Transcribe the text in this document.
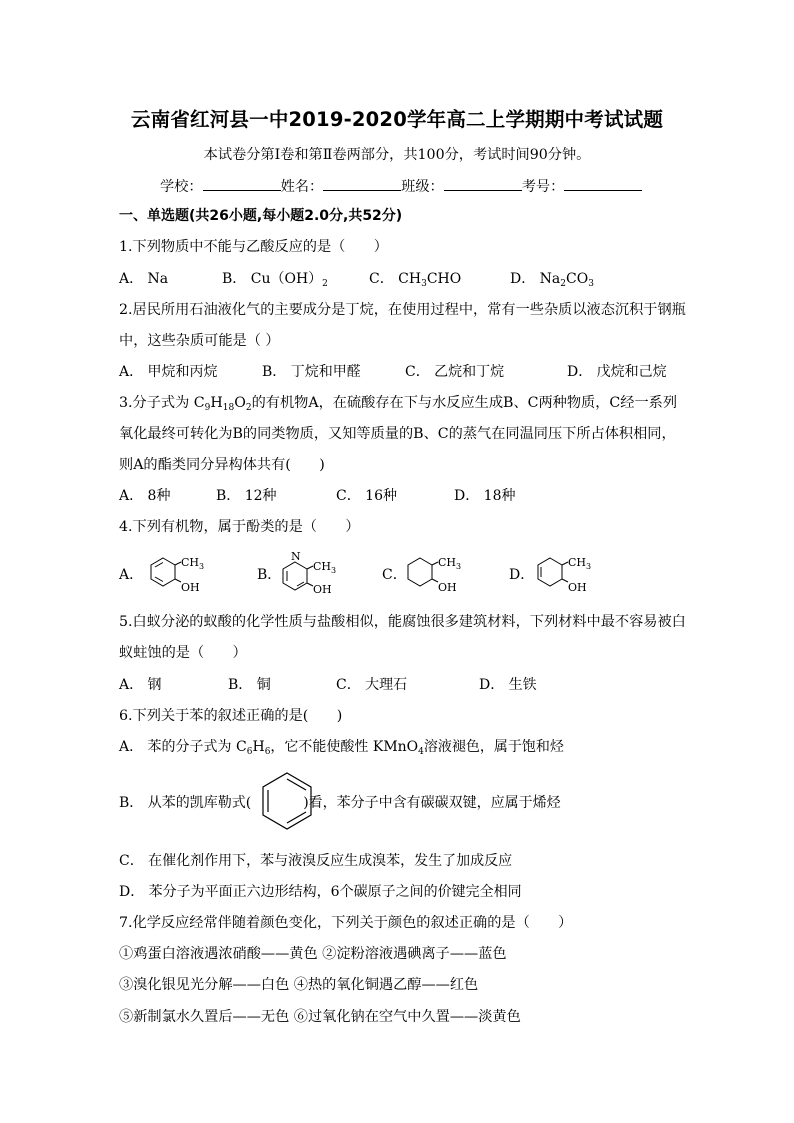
云南省红河县一中2019-2020学年高二上学期期中考试试题
本试卷分第Ⅰ卷和第Ⅱ卷两部分，共100分，考试时间90分钟。
学校：	姓名：	班级：	考号：
一、单选题(共26小题,每小题2.0分,共52分)
1.下列物质中不能与乙酸反应的是（　　）
A． Na	B． $Cu(OH)_2$	C． $CH_3CHO$	D． $Na_2CO_3$
2.居民所用石油液化气的主要成分是丁烷，在使用过程中，常有一些杂质以液态沉积于钢瓶
中，这些杂质可能是（ ）
A． 甲烷和丙烷	B． 丁烷和甲醛	C． 乙烷和丁烷	D． 戊烷和己烷
3.分子式为 $C_9H_{18}O_2$的有机物A，在硫酸存在下与水反应生成B、C两种物质，C经一系列
氧化最终可转化为B的同类物质，又知等质量的B、C的蒸气在同温同压下所占体积相同，
则A的酯类同分异构体共有(　　)
A． 8种	B． 12种	C． 16种	D． 18种
4.下列有机物，属于酚类的是（　　）
A．
$CH_3$
OH
B．
N
$CH_3$
OH
C．
$CH_3$
OH
D．
$CH_3$
OH
5.白蚁分泌的蚁酸的化学性质与盐酸相似，能腐蚀很多建筑材料，下列材料中最不容易被白
蚁蛀蚀的是（　　）
A． 钢	B． 铜	C． 大理石	D． 生铁
6.下列关于苯的叙述正确的是(　　)
A． 苯的分子式为 $C_6H_6$，它不能使酸性 KMnO$_4$溶液褪色，属于饱和烃
B． 从苯的凯库勒式(	)看，苯分子中含有碳碳双键，应属于烯烃
C． 在催化剂作用下，苯与液溴反应生成溴苯，发生了加成反应
D． 苯分子为平面正六边形结构，6个碳原子之间的价键完全相同
7.化学反应经常伴随着颜色变化，下列关于颜色的叙述正确的是（　　）
①鸡蛋白溶液遇浓硝酸——黄色 ②淀粉溶液遇碘离子——蓝色
③溴化银见光分解——白色 ④热的氧化铜遇乙醇——红色
⑤新制氯水久置后——无色 ⑥过氧化钠在空气中久置——淡黄色
